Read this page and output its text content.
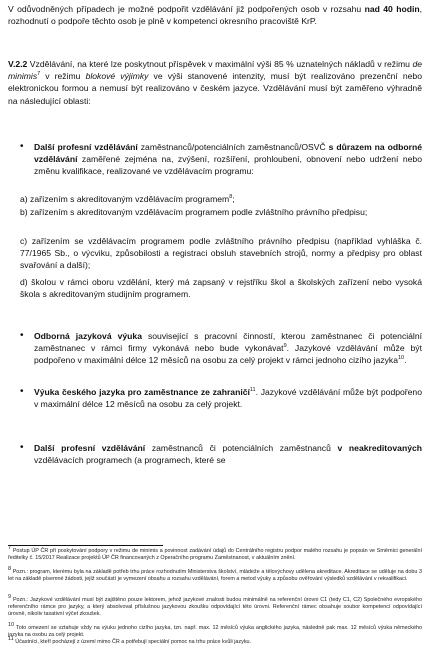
V odůvodněných případech je možné podpořit vzdělávání již podpořených osob v rozsahu nad 40 hodin, rozhodnutí o podpoře těchto osob je plně v kompetenci okresního pracoviště KrP.

V.2.2 Vzdělávání, na které lze poskytnout příspěvek v maximální výši 85 % uznatelných nákladů v režimu de minimis$^7$ v režimu blokové výjimky ve výši stanovené intenzity, musí být realizováno prezenční nebo elektronickou formou a nemusí být realizováno v českém jazyce. Vzdělávání musí být zaměřeno výhradně na následující oblasti:

• Další profesní vzdělávání zaměstnanců/potenciálních zaměstnanců/OSVČ s důrazem na odborné vzdělávání zaměřené zejména na, zvýšení, rozšíření, prohloubení, obnovení nebo udržení nebo změnu kvalifikace, realizované ve vzdělávacím programu:
a) zařízením s akreditovaným vzdělávacím programem$^8$;
b) zařízením s akreditovaným vzdělávacím programem podle zvláštního právního předpisu;
c) zařízením se vzdělávacím programem podle zvláštního právního předpisu (například vyhláška č. 77/1965 Sb., o výcviku, způsobilosti a registraci obsluh stavebních strojů, normy a předpisy pro oblast svařování a další);
d) školou v rámci oboru vzdělání, který má zapsaný v rejstříku škol a školských zařízení nebo vysoká škola s akreditovaným studijním programem.
• Odborná jazyková výuka související s pracovní činností, kterou zaměstnanec či potenciální zaměstnanec v rámci firmy vykonává nebo bude vykonávat$^9$. Jazykové vzdělávání může být podpořeno v maximální délce 12 měsíců na osobu za celý projekt v rámci jednoho cizího jazyka$^{10}$.
• Výuka českého jazyka pro zaměstnance ze zahraničí$^{11}$. Jazykové vzdělávání může být podpořeno v maximální délce 12 měsíců na osobu za celý projekt.
• Další profesní vzdělávání zaměstnanců či potenciálních zaměstnanců v neakreditovaných vzdělávacích programech (a programech, které se
$^7$ Postup ÚP ČR při poskytování podpory v režimu de minimis a povinnost zadávání údajů do Centrálního registru podpor malého rozsahu je popsán ve Směrnici generální ředitelky č. 15/2017 Realizace projektů ÚP ČR financovaných z Operačního programu Zaměstnanost, v aktuálním znění.
$^8$ Pozn.: program, kterému byla na základě potřeb trhu práce rozhodnutím Ministerstva školství, mládeže a tělovýchovy udělena akreditace. Akreditace se uděluje na dobu 3 let na základě písemné žádosti, jejíž součástí je vymezení obsahu a rozsahu vzdělávání, forem a metod výuky a způsobu ověřování výsledků vzdělávání v rekvalifikaci.
$^9$ Pozn.: Jazykové vzdělávání musí být zajištěno pouze lektorem, jehož jazykové znalosti budou minimálně na referenční úrovni C1 (tedy C1, C2) Společného evropského referenčního rámce pro jazyky, a který absolvoval příslušnou jazykovou zkoušku odpovídající této úrovni. Referenční rámec obsahuje soubor kompetencí odpovídající úrovně, nikoliv taxativní výčet zkoušek.
$^{10}$ Toto omezení se vztahuje vždy na výuku jednoho cizího jazyka, tzn. např. max. 12 měsíců výuka anglického jazyka, následně pak max. 12 měsíců výuka německého jazyka na osobu za celý projekt.
$^{11}$ Účastníci, kteří pocházejí z území mimo ČR a potřebují speciální pomoc na trhu práce kvůli jazyku.
